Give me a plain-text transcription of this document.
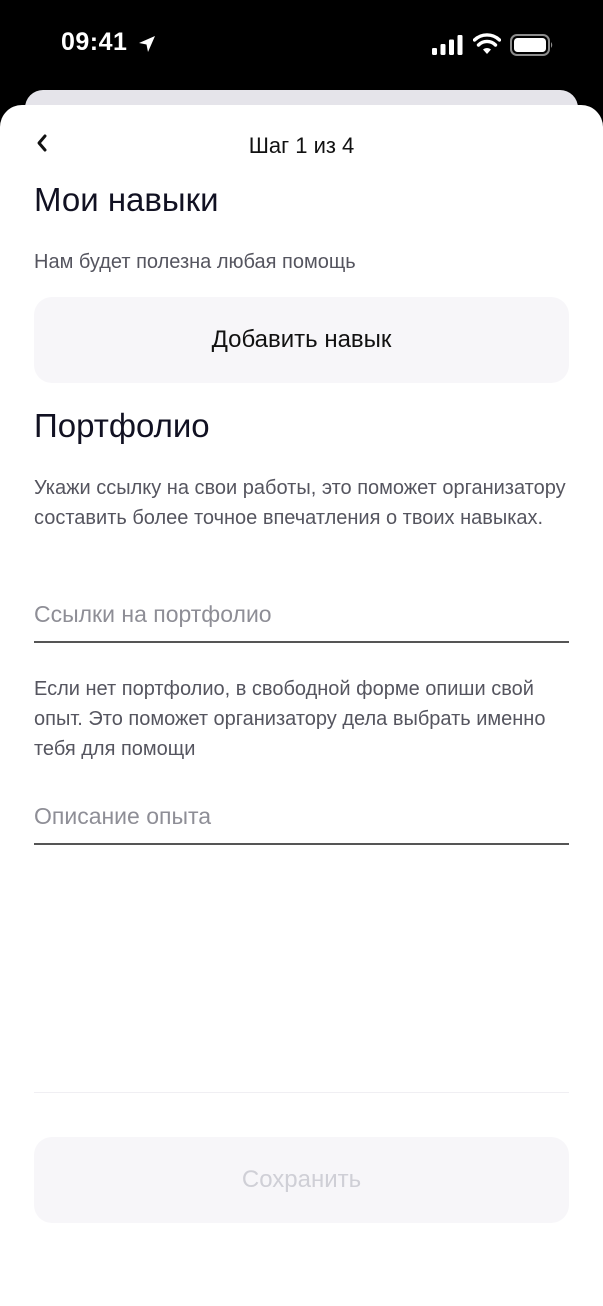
09:41
Шаг 1 из 4
Мои навыки

Нам будет полезна любая помощь

Добавить навык
Портфолио

Укажи ссылку на свои работы, это поможет организатору составить более точное впечатления о твоих навыках.

Ссылки на портфолио

Если нет портфолио, в свободной форме опиши свой опыт. Это поможет организатору дела выбрать именно тебя для помощи

Описание опыта
Сохранить
